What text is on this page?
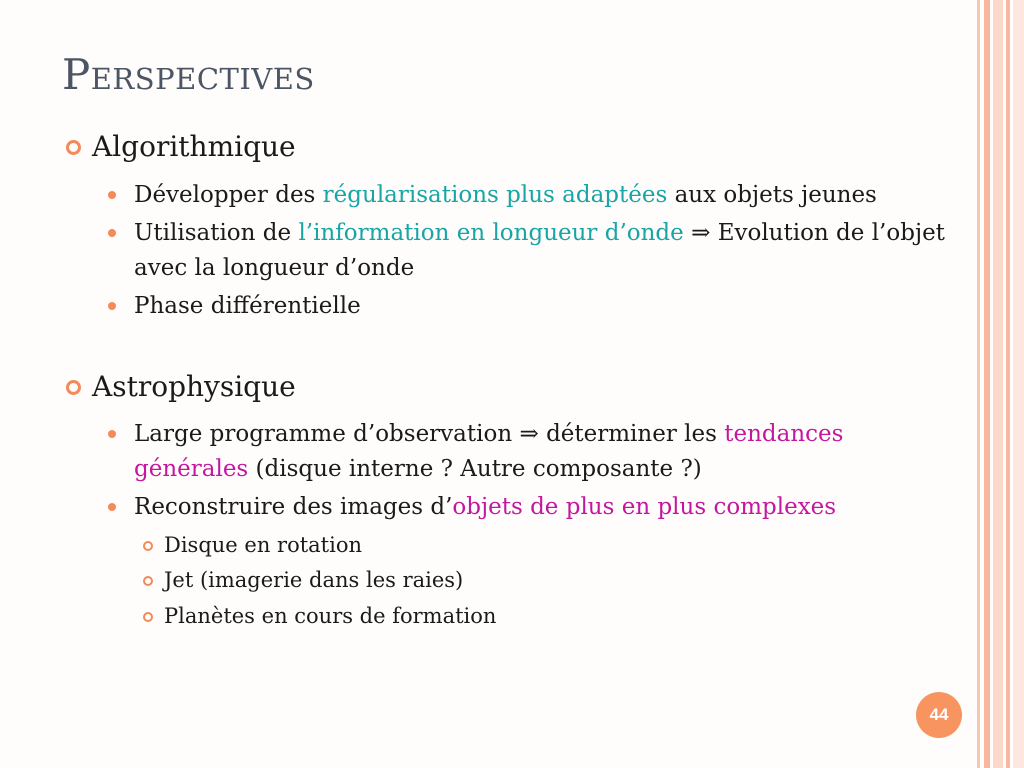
Perspectives
Algorithmique
Développer des régularisations plus adaptées aux objets jeunes
Utilisation de l’information en longueur d’onde ⇒ Evolution de l’objet avec la longueur d’onde
Phase différentielle
Astrophysique
Large programme d’observation ⇒ déterminer les tendances générales (disque interne ? Autre composante ?)
Reconstruire des images d’objets de plus en plus complexes
Disque en rotation
Jet (imagerie dans les raies)
Planètes en cours de formation
44
